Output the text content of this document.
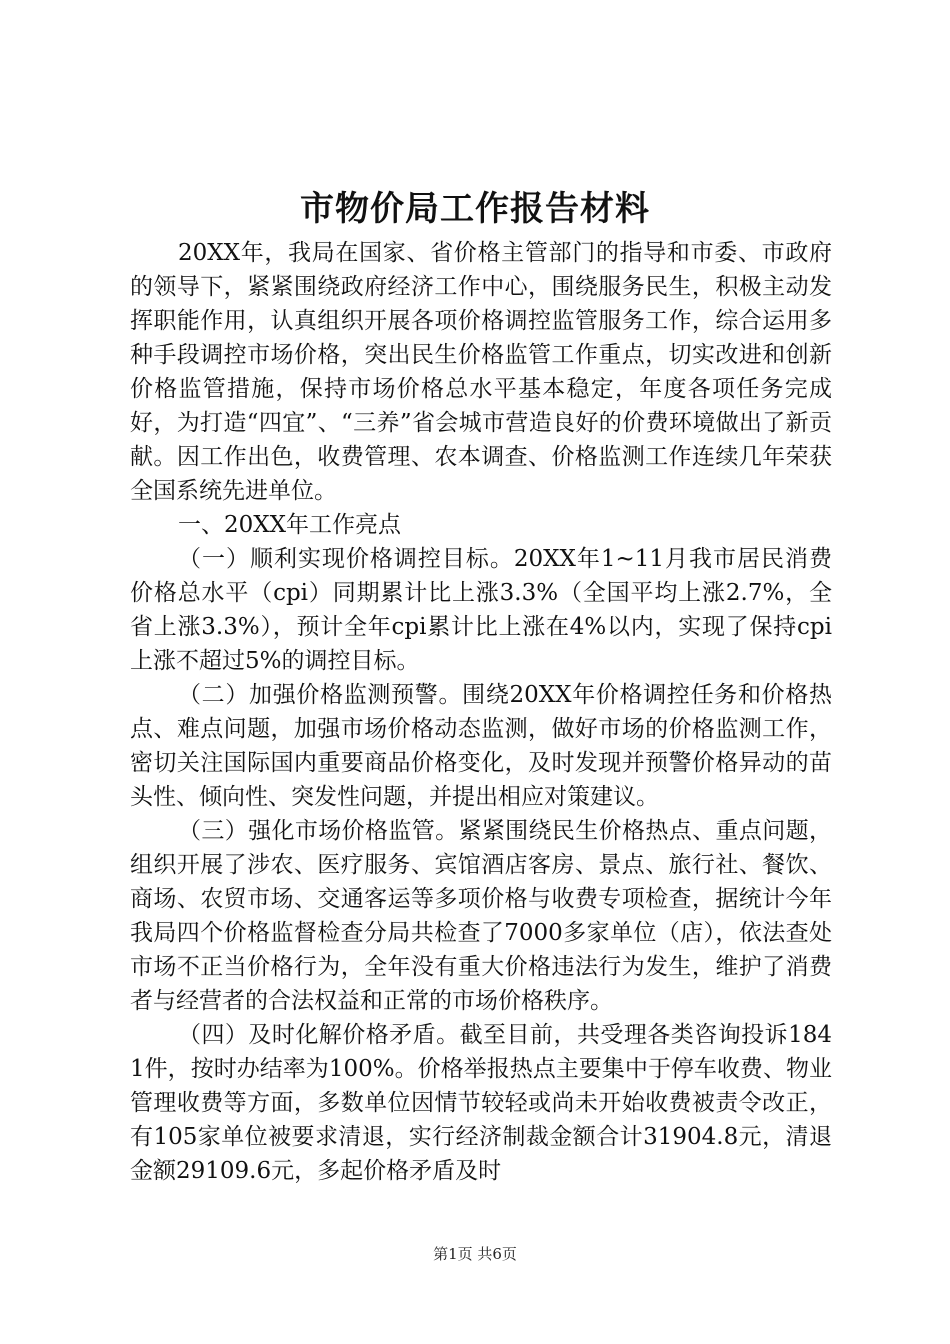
市物价局工作报告材料

20XX年，我局在国家、省价格主管部门的指导和市委、市政府的领导下，紧紧围绕政府经济工作中心，围绕服务民生，积极主动发挥职能作用，认真组织开展各项价格调控监管服务工作，综合运用多种手段调控市场价格，突出民生价格监管工作重点，切实改进和创新价格监管措施，保持市场价格总水平基本稳定，年度各项任务完成好，为打造“四宜”、“三养”省会城市营造良好的价费环境做出了新贡献。因工作出色，收费管理、农本调查、价格监测工作连续几年荣获全国系统先进单位。

一、20XX年工作亮点

（一）顺利实现价格调控目标。20XX年1~11月我市居民消费价格总水平（cpi）同期累计比上涨3.3%（全国平均上涨2.7%，全省上涨3.3%），预计全年cpi累计比上涨在4%以内，实现了保持cpi上涨不超过5%的调控目标。

（二）加强价格监测预警。围绕20XX年价格调控任务和价格热点、难点问题，加强市场价格动态监测，做好市场的价格监测工作，密切关注国际国内重要商品价格变化，及时发现并预警价格异动的苗头性、倾向性、突发性问题，并提出相应对策建议。

（三）强化市场价格监管。紧紧围绕民生价格热点、重点问题，组织开展了涉农、医疗服务、宾馆酒店客房、景点、旅行社、餐饮、商场、农贸市场、交通客运等多项价格与收费专项检查，据统计今年我局四个价格监督检查分局共检查了7000多家单位（店），依法查处市场不正当价格行为，全年没有重大价格违法行为发生，维护了消费者与经营者的合法权益和正常的市场价格秩序。

（四）及时化解价格矛盾。截至目前，共受理各类咨询投诉1841件，按时办结率为100%。价格举报热点主要集中于停车收费、物业管理收费等方面，多数单位因情节较轻或尚未开始收费被责令改正，有105家单位被要求清退，实行经济制裁金额合计31904.8元，清退金额29109.6元，多起价格矛盾及时

第1页 共6页
